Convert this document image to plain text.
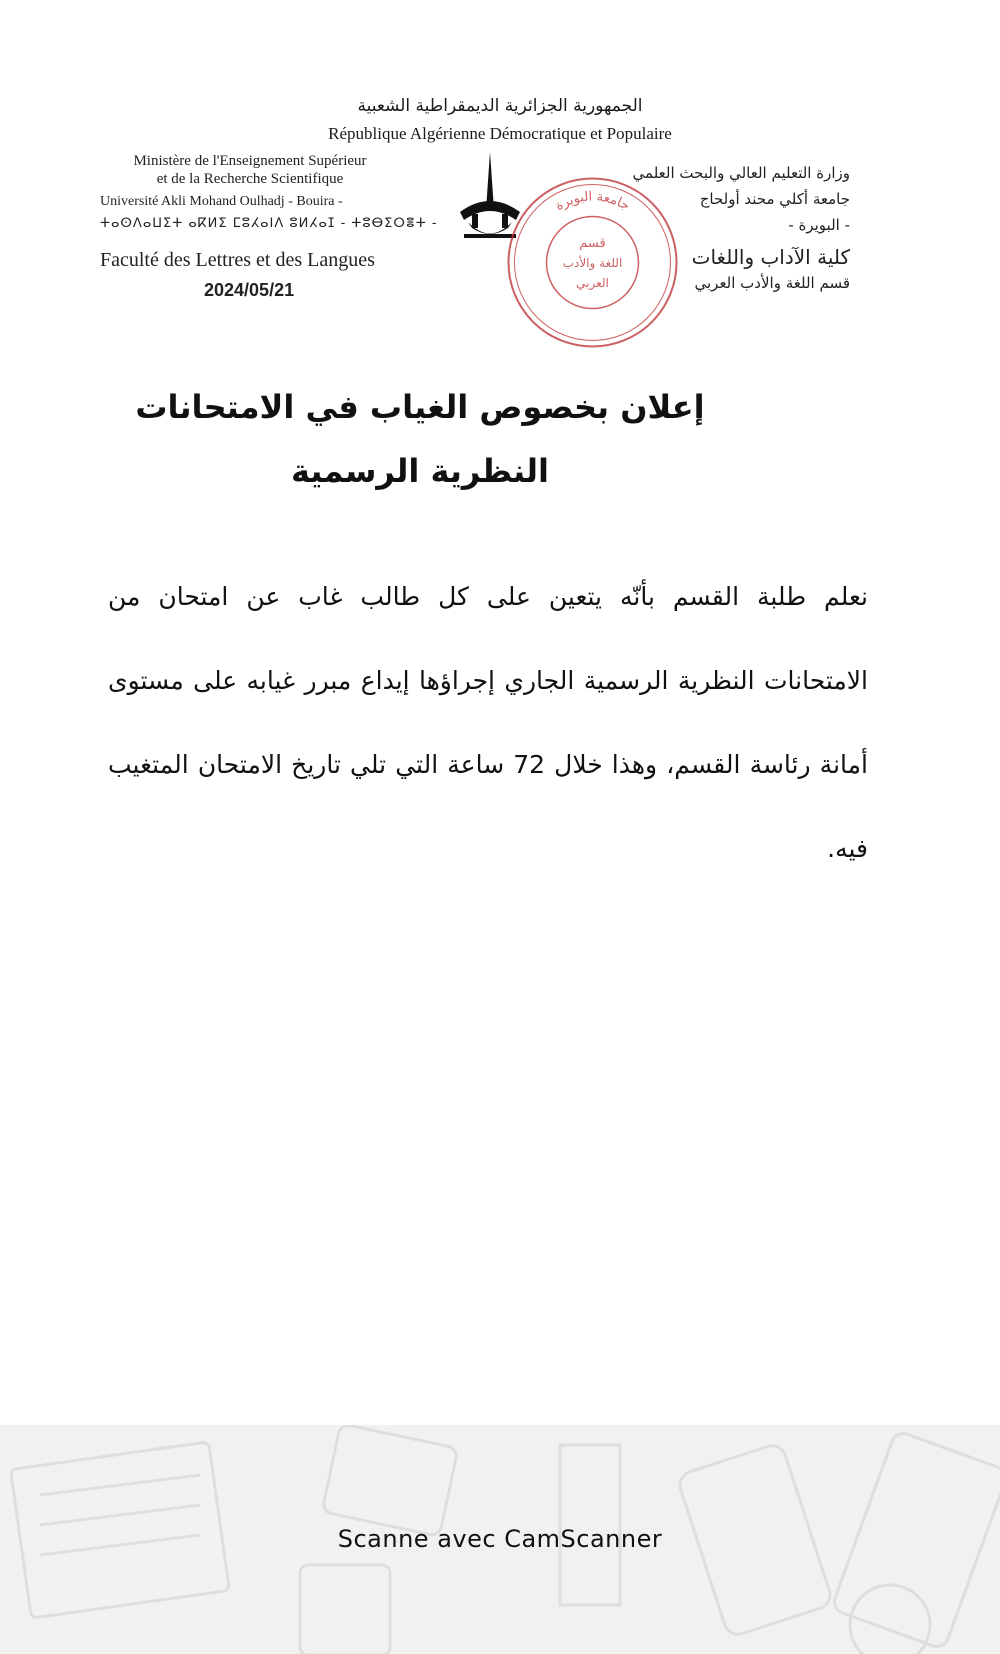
الجمهورية الجزائرية الديمقراطية الشعبية
République Algérienne Démocratique et Populaire
Ministère de l'Enseignement Supérieur
et de la Recherche Scientifique
Université Akli Mohand Oulhadj - Bouira -
ⵜⴰⵙⴷⴰⵡⵉⵜ ⴰⴽⵍⵉ ⵎⵓⵃⴰⵏⴷ ⵓⵍⵃⴰⵊ - ⵜⵓⴱⵉⵔⴻⵜ -
Faculté des Lettres et des Langues
2024/05/21
وزارة التعليم العالي والبحث العلمي
جامعة أكلي محند أولحاج
- البويرة -
كلية الآداب واللغات
قسم اللغة والأدب العربي
جامعة البويرة
قسم
اللغة والأدب
العربي
إعلان بخصوص الغياب في الامتحانات
النظرية الرسمية
نعلم طلبة القسم بأنّه يتعين على كل طالب غاب عن امتحان من الامتحانات النظرية الرسمية الجاري إجراؤها إيداع مبرر غيابه على مستوى أمانة رئاسة القسم، وهذا خلال 72 ساعة التي تلي تاريخ الامتحان المتغيب فيه.
Scanne avec CamScanner
